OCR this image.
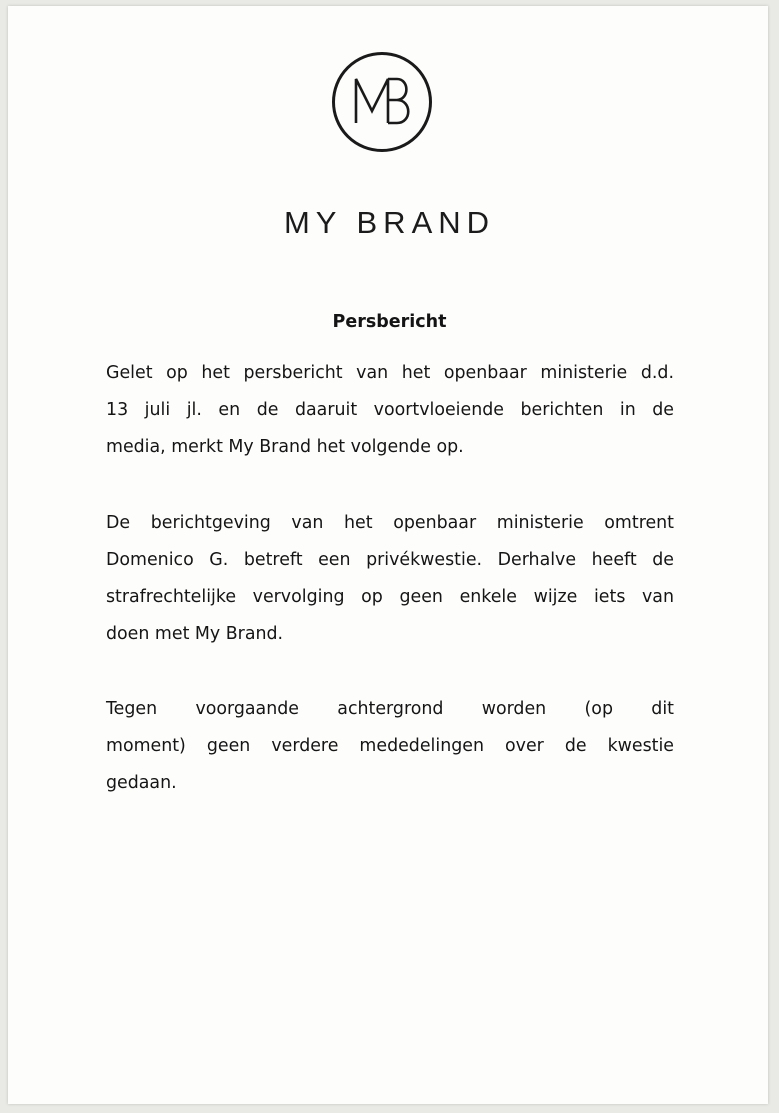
MY BRAND
Persbericht
Gelet op het persbericht van het openbaar ministerie d.d.
13 juli jl. en de daaruit voortvloeiende berichten in de
media, merkt My Brand het volgende op.
De berichtgeving van het openbaar ministerie omtrent
Domenico G. betreft een privékwestie. Derhalve heeft de
strafrechtelijke vervolging op geen enkele wijze iets van
doen met My Brand.
Tegen voorgaande achtergrond worden (op dit
moment) geen verdere mededelingen over de kwestie
gedaan.
